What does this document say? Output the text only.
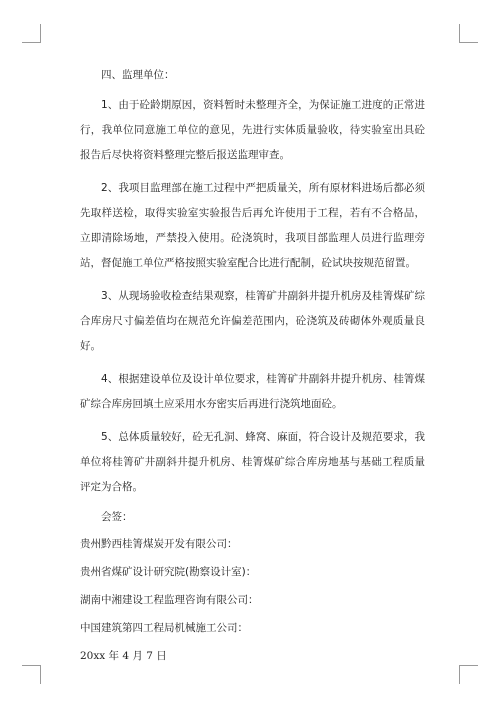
四、监理单位：

1、由于砼龄期原因，资料暂时未整理齐全，为保证施工进度的正常进行，我单位同意施工单位的意见，先进行实体质量验收，待实验室出具砼报告后尽快将资料整理完整后报送监理审查。

2、我项目监理部在施工过程中严把质量关，所有原材料进场后都必须先取样送检，取得实验室实验报告后再允许使用于工程，若有不合格品，立即清除场地，严禁投入使用。砼浇筑时，我项目部监理人员进行监理旁站，督促施工单位严格按照实验室配合比进行配制，砼试块按规范留置。

3、从现场验收检查结果观察，桂箐矿井副斜井提升机房及桂箐煤矿综合库房尺寸偏差值均在规范允许偏差范围内，砼浇筑及砖砌体外观质量良好。

4、根据建设单位及设计单位要求，桂箐矿井副斜井提升机房、桂箐煤矿综合库房回填土应采用水夯密实后再进行浇筑地面砼。

5、总体质量较好，砼无孔洞、蜂窝、麻面，符合设计及规范要求，我单位将桂箐矿井副斜井提升机房、桂箐煤矿综合库房地基与基础工程质量评定为合格。

会签：

贵州黔西桂箐煤炭开发有限公司：

贵州省煤矿设计研究院(勘察设计室)：

湖南中湘建设工程监理咨询有限公司：

中国建筑第四工程局机械施工公司：

20xx 年 4 月 7 日
